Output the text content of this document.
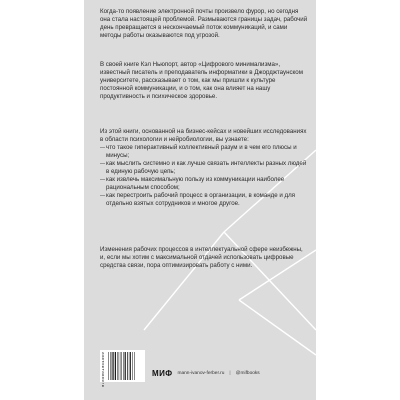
Когда-то появление электронной почты произвело фурор, но сегодня она стала настоящей проблемой. Размываются границы задач, рабочий день превращается в нескончаемый поток коммуникаций, и сами методы работы оказываются под угрозой.

В своей книге Кэл Ньюпорт, автор «Цифрового минимализма», известный писатель и преподаватель информатики в Джорджтаунском университете, рассказывает о том, как мы пришли к культуре постоянной коммуникации, и о том, как она влияет на нашу продуктивность и психическое здоровье.

Из этой книги, основанной на бизнес-кейсах и новейших исследованиях в области психологии и нейробиологии, вы узнаете:

— что такое гиперактивный коллективный разум и в чем его плюсы и минусы;
— как мыслить системно и как лучше связать интеллекты разных людей в единую рабочую цепь;
— как извлечь максимальную пользу из коммуникации наиболее рациональным способом;
— как перестроить рабочий процесс в организации, в команде и для отдельно взятых сотрудников и многое другое.

Изменения рабочих процессов в интеллектуальной сфере неизбежны, и, если мы хотим с максимальной отдачей использовать цифровые средства связи, пора оптимизировать работу с ними.

9785001954509	МИФ mann-ivanov-ferber.ru | @mifbooks
